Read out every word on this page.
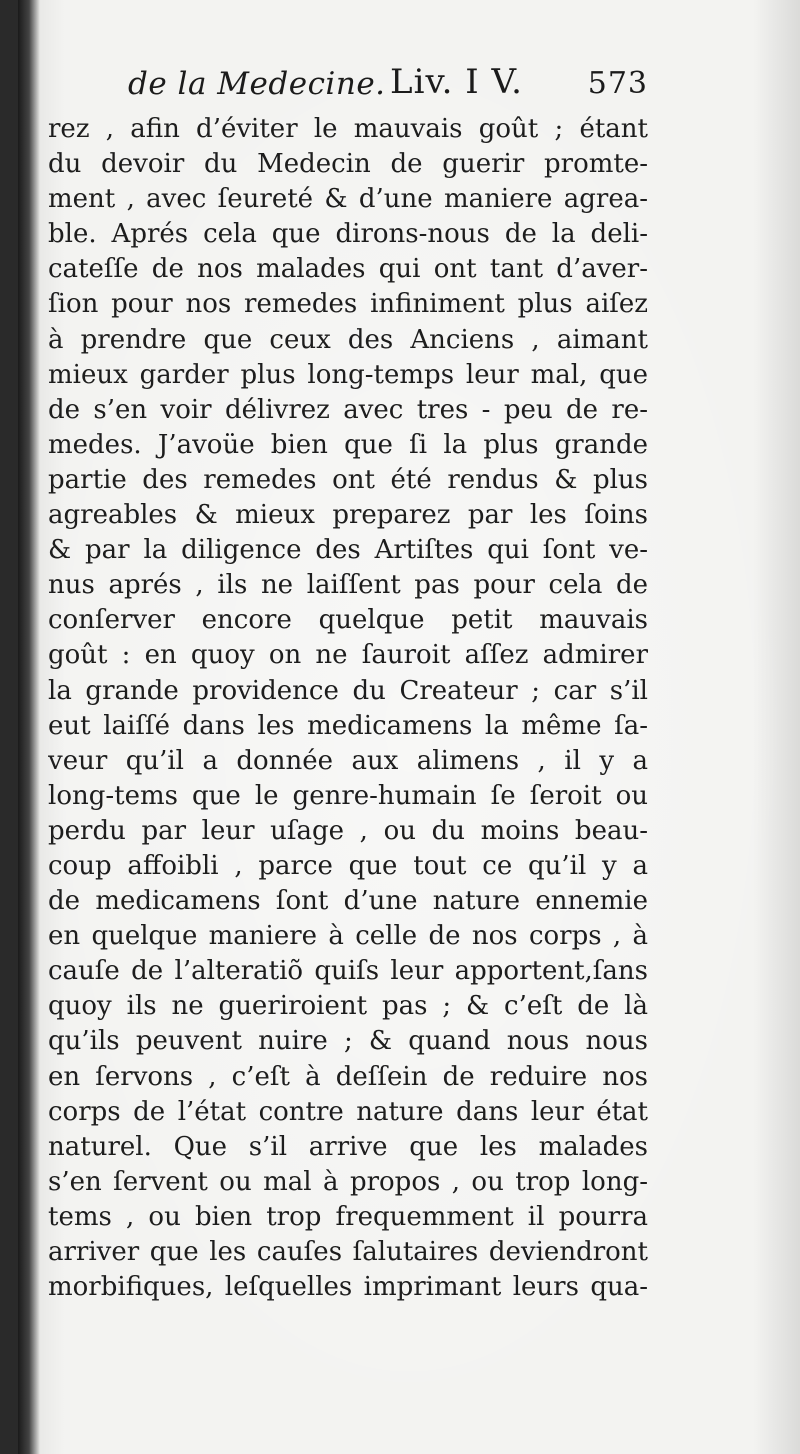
de la Medecine. Liv. I V. 573
rez , afin d’éviter le mauvais goût ; étant
du devoir du Medecin de guerir promte-
ment , avec ſeureté & d’une maniere agrea-
ble. Aprés cela que dirons-nous de la deli-
cateſſe de nos malades qui ont tant d’aver-
ſion pour nos remedes infiniment plus aiſez
à prendre que ceux des Anciens , aimant
mieux garder plus long-temps leur mal, que
de s’en voir délivrez avec tres - peu de re-
medes. J’avoüe bien que ſi la plus grande
partie des remedes ont été rendus & plus
agreables & mieux preparez par les ſoins
& par la diligence des Artiſtes qui ſont ve-
nus aprés , ils ne laiſſent pas pour cela de
conſerver encore quelque petit mauvais
goût : en quoy on ne ſauroit aſſez admirer
la grande providence du Createur ; car s’il
eut laiſſé dans les medicamens la même ſa-
veur qu’il a donnée aux alimens , il y a
long-tems que le genre-humain ſe ſeroit ou
perdu par leur uſage , ou du moins beau-
coup affoibli , parce que tout ce qu’il y a
de medicamens ſont d’une nature ennemie
en quelque maniere à celle de nos corps , à
cauſe de l’alteratiõ quiſs leur apportent,ſans
quoy ils ne gueriroient pas ; & c’eſt de là
qu’ils peuvent nuire ; & quand nous nous
en ſervons , c’eſt à deſſein de reduire nos
corps de l’état contre nature dans leur état
naturel. Que s’il arrive que les malades
s’en ſervent ou mal à propos , ou trop long-
tems , ou bien trop frequemment il pourra
arriver que les cauſes ſalutaires deviendront
morbifiques, leſquelles imprimant leurs qua-
